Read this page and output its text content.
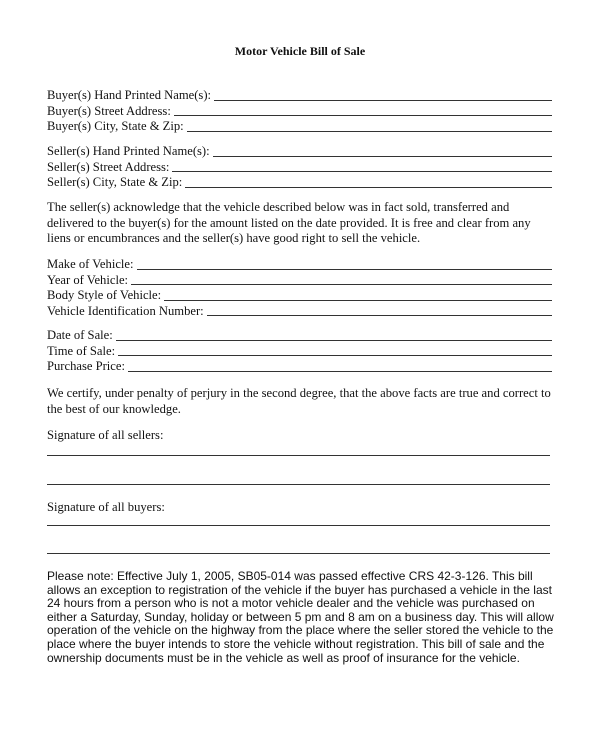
Motor Vehicle Bill of Sale
Buyer(s) Hand Printed Name(s):
Buyer(s) Street Address:
Buyer(s) City, State & Zip:
Seller(s) Hand Printed Name(s):
Seller(s) Street Address:
Seller(s) City, State & Zip:
The seller(s) acknowledge that the vehicle described below was in fact sold, transferred and delivered to the buyer(s) for the amount listed on the date provided. It is free and clear from any liens or encumbrances and the seller(s) have good right to sell the vehicle.
Make of Vehicle:
Year of Vehicle:
Body Style of Vehicle:
Vehicle Identification Number:
Date of Sale:
Time of Sale:
Purchase Price:
We certify, under penalty of perjury in the second degree, that the above facts are true and correct to the best of our knowledge.
Signature of all sellers:
Signature of all buyers:
Please note: Effective July 1, 2005, SB05-014 was passed effective CRS 42-3-126. This bill allows an exception to registration of the vehicle if the buyer has purchased a vehicle in the last 24 hours from a person who is not a motor vehicle dealer and the vehicle was purchased on either a Saturday, Sunday, holiday or between 5 pm and 8 am on a business day. This will allow operation of the vehicle on the highway from the place where the seller stored the vehicle to the place where the buyer intends to store the vehicle without registration. This bill of sale and the ownership documents must be in the vehicle as well as proof of insurance for the vehicle.
